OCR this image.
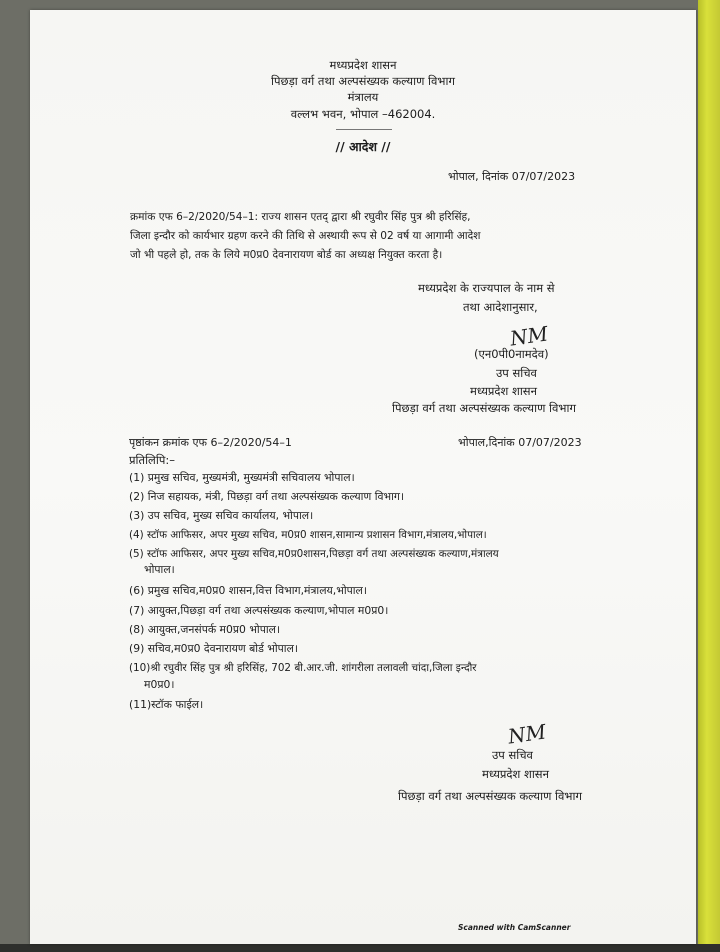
मध्यप्रदेश शासन
पिछड़ा वर्ग तथा अल्पसंख्यक कल्याण विभाग
मंत्रालय
वल्लभ भवन, भोपाल –462004.
// आदेश //
भोपाल, दिनांक 07/07/2023
क्रमांक एफ 6–2/2020/54–1: राज्य शासन एतद् द्वारा श्री रघुवीर सिंह पुत्र श्री हरिसिंह,
जिला इन्दौर को कार्यभार ग्रहण करने की तिथि से अस्थायी रूप से 02 वर्ष या आगामी आदेश
जो भी पहले हो, तक के लिये म0प्र0 देवनारायण बोर्ड का अध्यक्ष नियुक्त करता है।
मध्यप्रदेश के राज्यपाल के नाम से
तथा आदेशानुसार,
NM
(एन0पी0नामदेव)
उप सचिव
मध्यप्रदेश शासन
पिछड़ा वर्ग तथा अल्पसंख्यक कल्याण विभाग
पृष्ठांकन क्रमांक एफ 6–2/2020/54–1	भोपाल,दिनांक 07/07/2023
प्रतिलिपि:–
(1) प्रमुख सचिव, मुख्यमंत्री, मुख्यमंत्री सचिवालय भोपाल।
(2) निज सहायक, मंत्री, पिछड़ा वर्ग तथा अल्पसंख्यक कल्याण विभाग।
(3) उप सचिव, मुख्य सचिव कार्यालय, भोपाल।
(4) स्टॉफ आफिसर, अपर मुख्य सचिव, म0प्र0 शासन,सामान्य प्रशासन विभाग,मंत्रालय,भोपाल।
(5) स्टॉफ आफिसर, अपर मुख्य सचिव,म0प्र0शासन,पिछड़ा वर्ग तथा अल्पसंख्यक कल्याण,मंत्रालय
भोपाल।
(6) प्रमुख सचिव,म0प्र0 शासन,वित्त विभाग,मंत्रालय,भोपाल।
(7) आयुक्त,पिछड़ा वर्ग तथा अल्पसंख्यक कल्याण,भोपाल म0प्र0।
(8) आयुक्त,जनसंपर्क म0प्र0 भोपाल।
(9) सचिव,म0प्र0 देवनारायण बोर्ड भोपाल।
(10)श्री रघुवीर सिंह पुत्र श्री हरिसिंह, 702 बी.आर.जी. शांगरीला तलावली चांदा,जिला इन्दौर
म0प्र0।
(11)स्टॉक फाईल।
NM
उप सचिव
मध्यप्रदेश शासन
पिछड़ा वर्ग तथा अल्पसंख्यक कल्याण विभाग
Scanned with CamScanner
